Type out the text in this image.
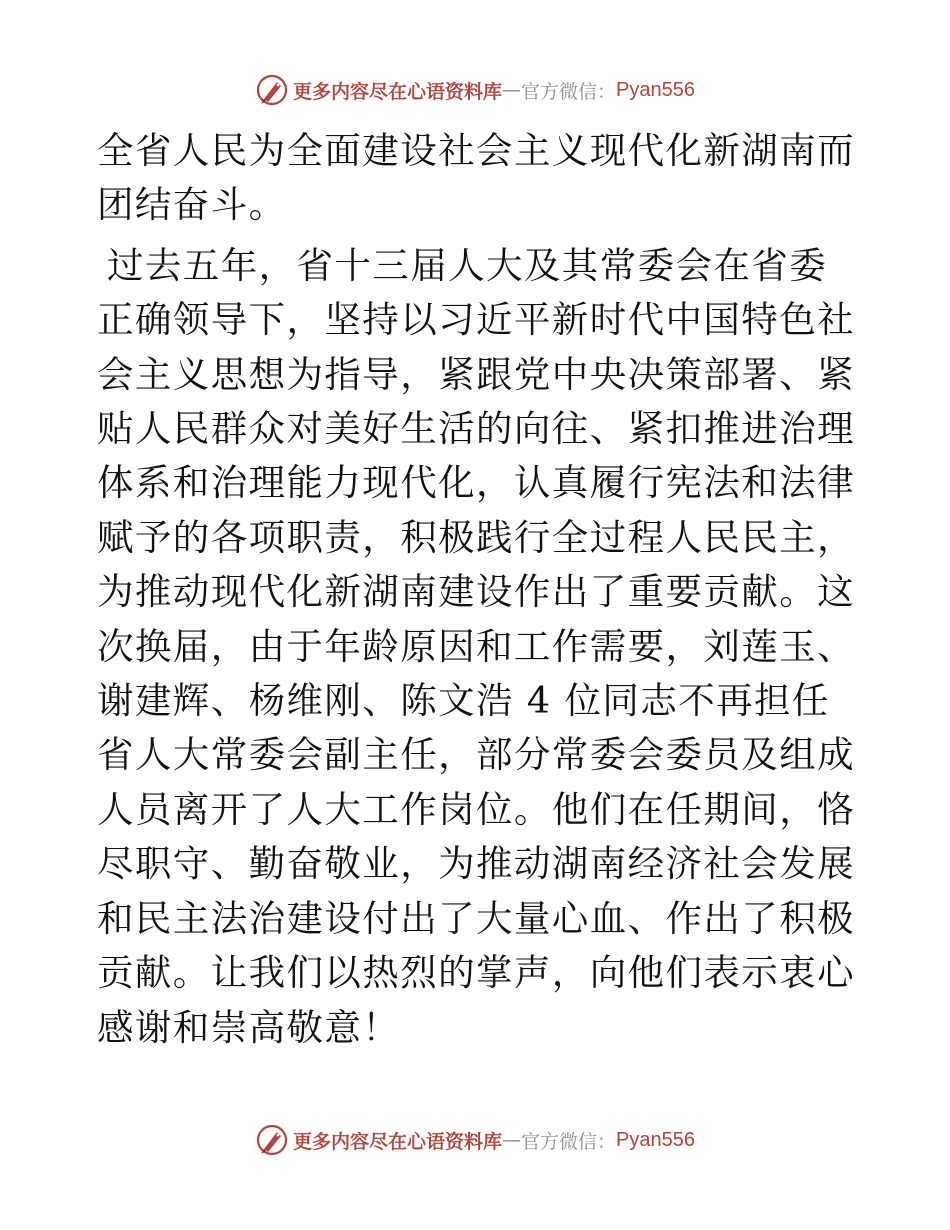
更多内容尽在心语资料库 — 官方微信： Pyan556

全省人民为全面建设社会主义现代化新湖南而团结奋斗。

过去五年，省十三届人大及其常委会在省委正确领导下，坚持以习近平新时代中国特色社会主义思想为指导，紧跟党中央决策部署、紧贴人民群众对美好生活的向往、紧扣推进治理体系和治理能力现代化，认真履行宪法和法律赋予的各项职责，积极践行全过程人民民主，为推动现代化新湖南建设作出了重要贡献。这次换届，由于年龄原因和工作需要，刘莲玉、谢建辉、杨维刚、陈文浩 4 位同志不再担任省人大常委会副主任，部分常委会委员及组成人员离开了人大工作岗位。他们在任期间，恪尽职守、勤奋敬业，为推动湖南经济社会发展和民主法治建设付出了大量心血、作出了积极贡献。让我们以热烈的掌声，向他们表示衷心感谢和崇高敬意！

更多内容尽在心语资料库 — 官方微信： Pyan556
